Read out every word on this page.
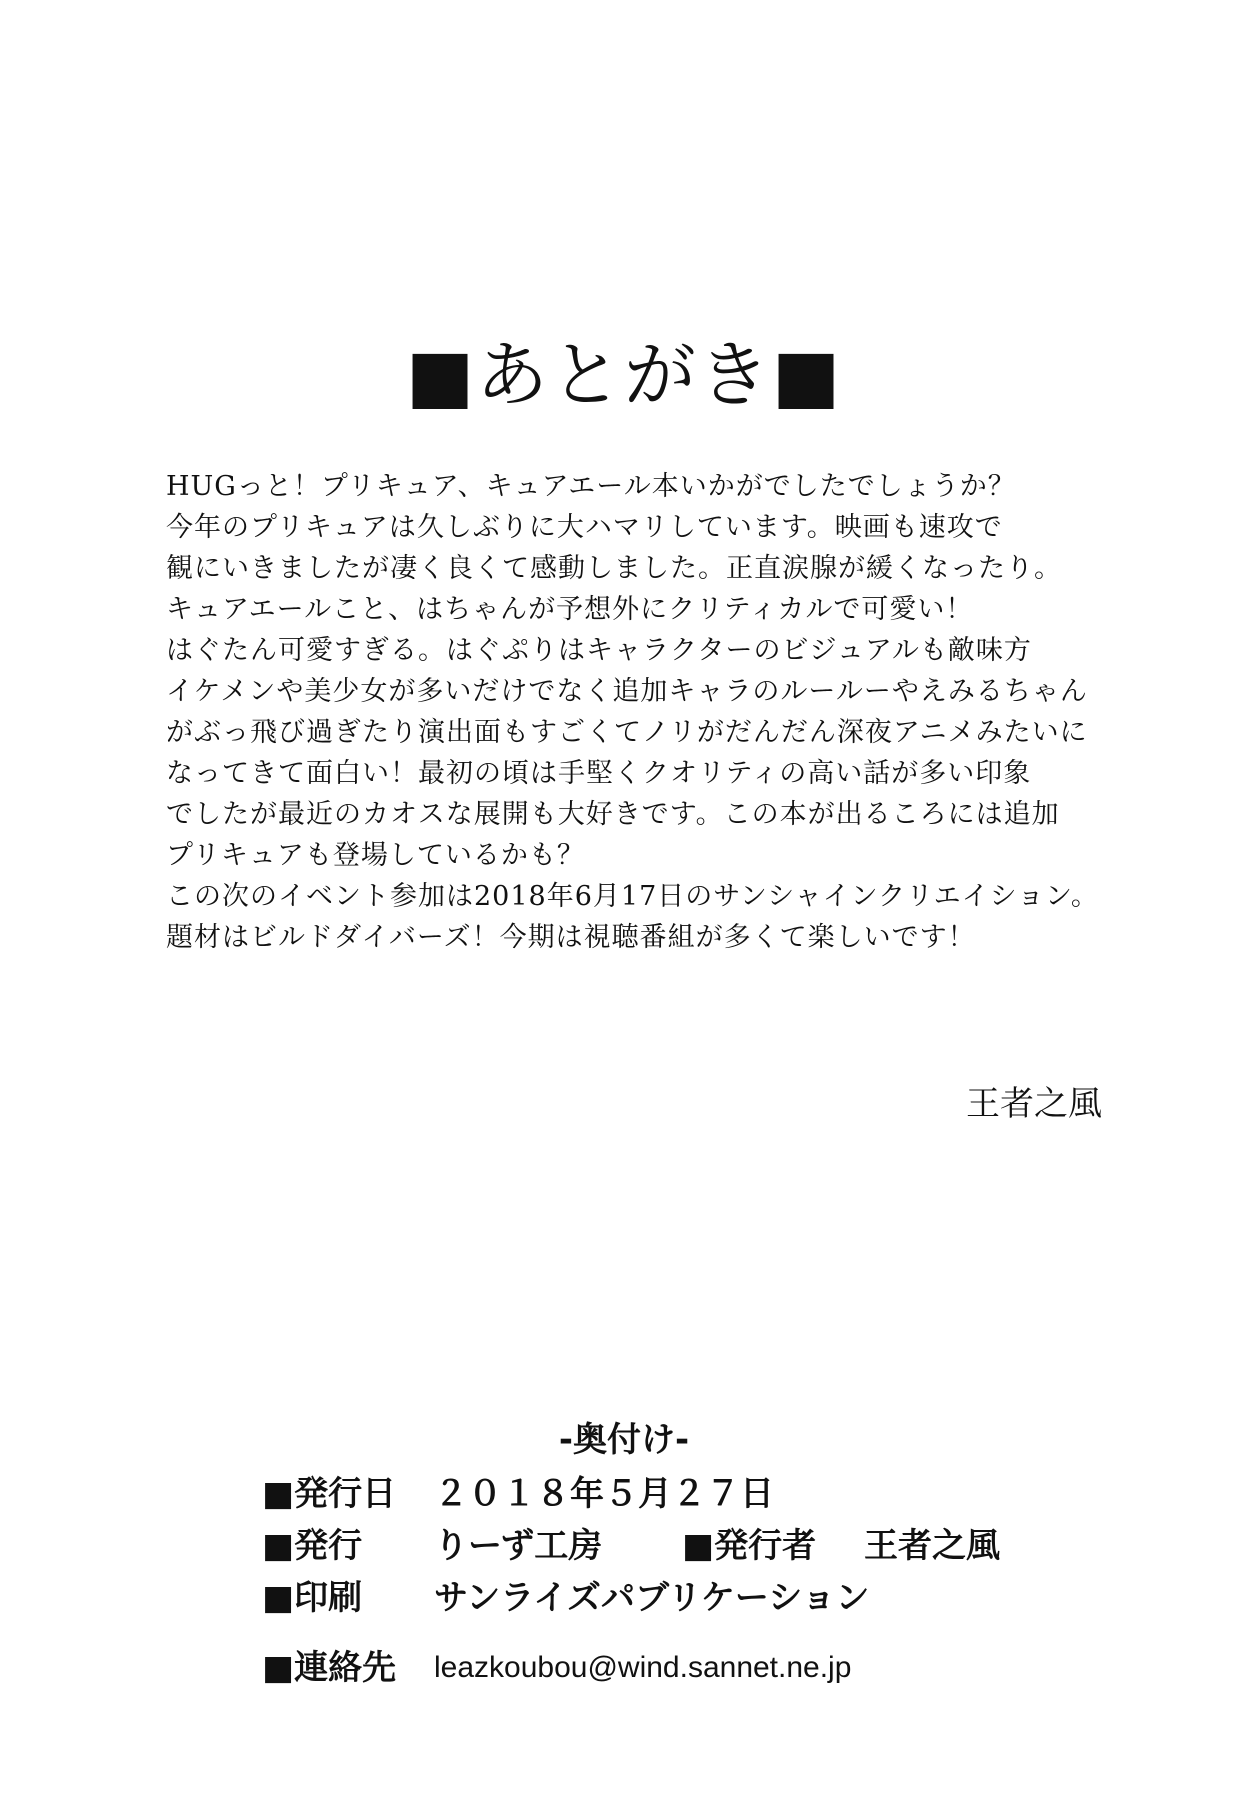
■あとがき■
HUGっと！プリキュア、キュアエール本いかがでしたでしょうか？
今年のプリキュアは久しぶりに大ハマリしています。映画も速攻で
観にいきましたが凄く良くて感動しました。正直涙腺が緩くなったり。
キュアエールこと、はちゃんが予想外にクリティカルで可愛い！
はぐたん可愛すぎる。はぐぷりはキャラクターのビジュアルも敵味方
イケメンや美少女が多いだけでなく追加キャラのルールーやえみるちゃん
がぶっ飛び過ぎたり演出面もすごくてノリがだんだん深夜アニメみたいに
なってきて面白い！最初の頃は手堅くクオリティの高い話が多い印象
でしたが最近のカオスな展開も大好きです。この本が出るころには追加
プリキュアも登場しているかも？
この次のイベント参加は2018年6月17日のサンシャインクリエイション。
題材はビルドダイバーズ！今期は視聴番組が多くて楽しいです！
王者之風
-奥付け-
■発行日 ２０１８年５月２７日
■発行 りーず工房 ■発行者 王者之風
■印刷 サンライズパブリケーション
■連絡先 leazkoubou@wind.sannet.ne.jp
